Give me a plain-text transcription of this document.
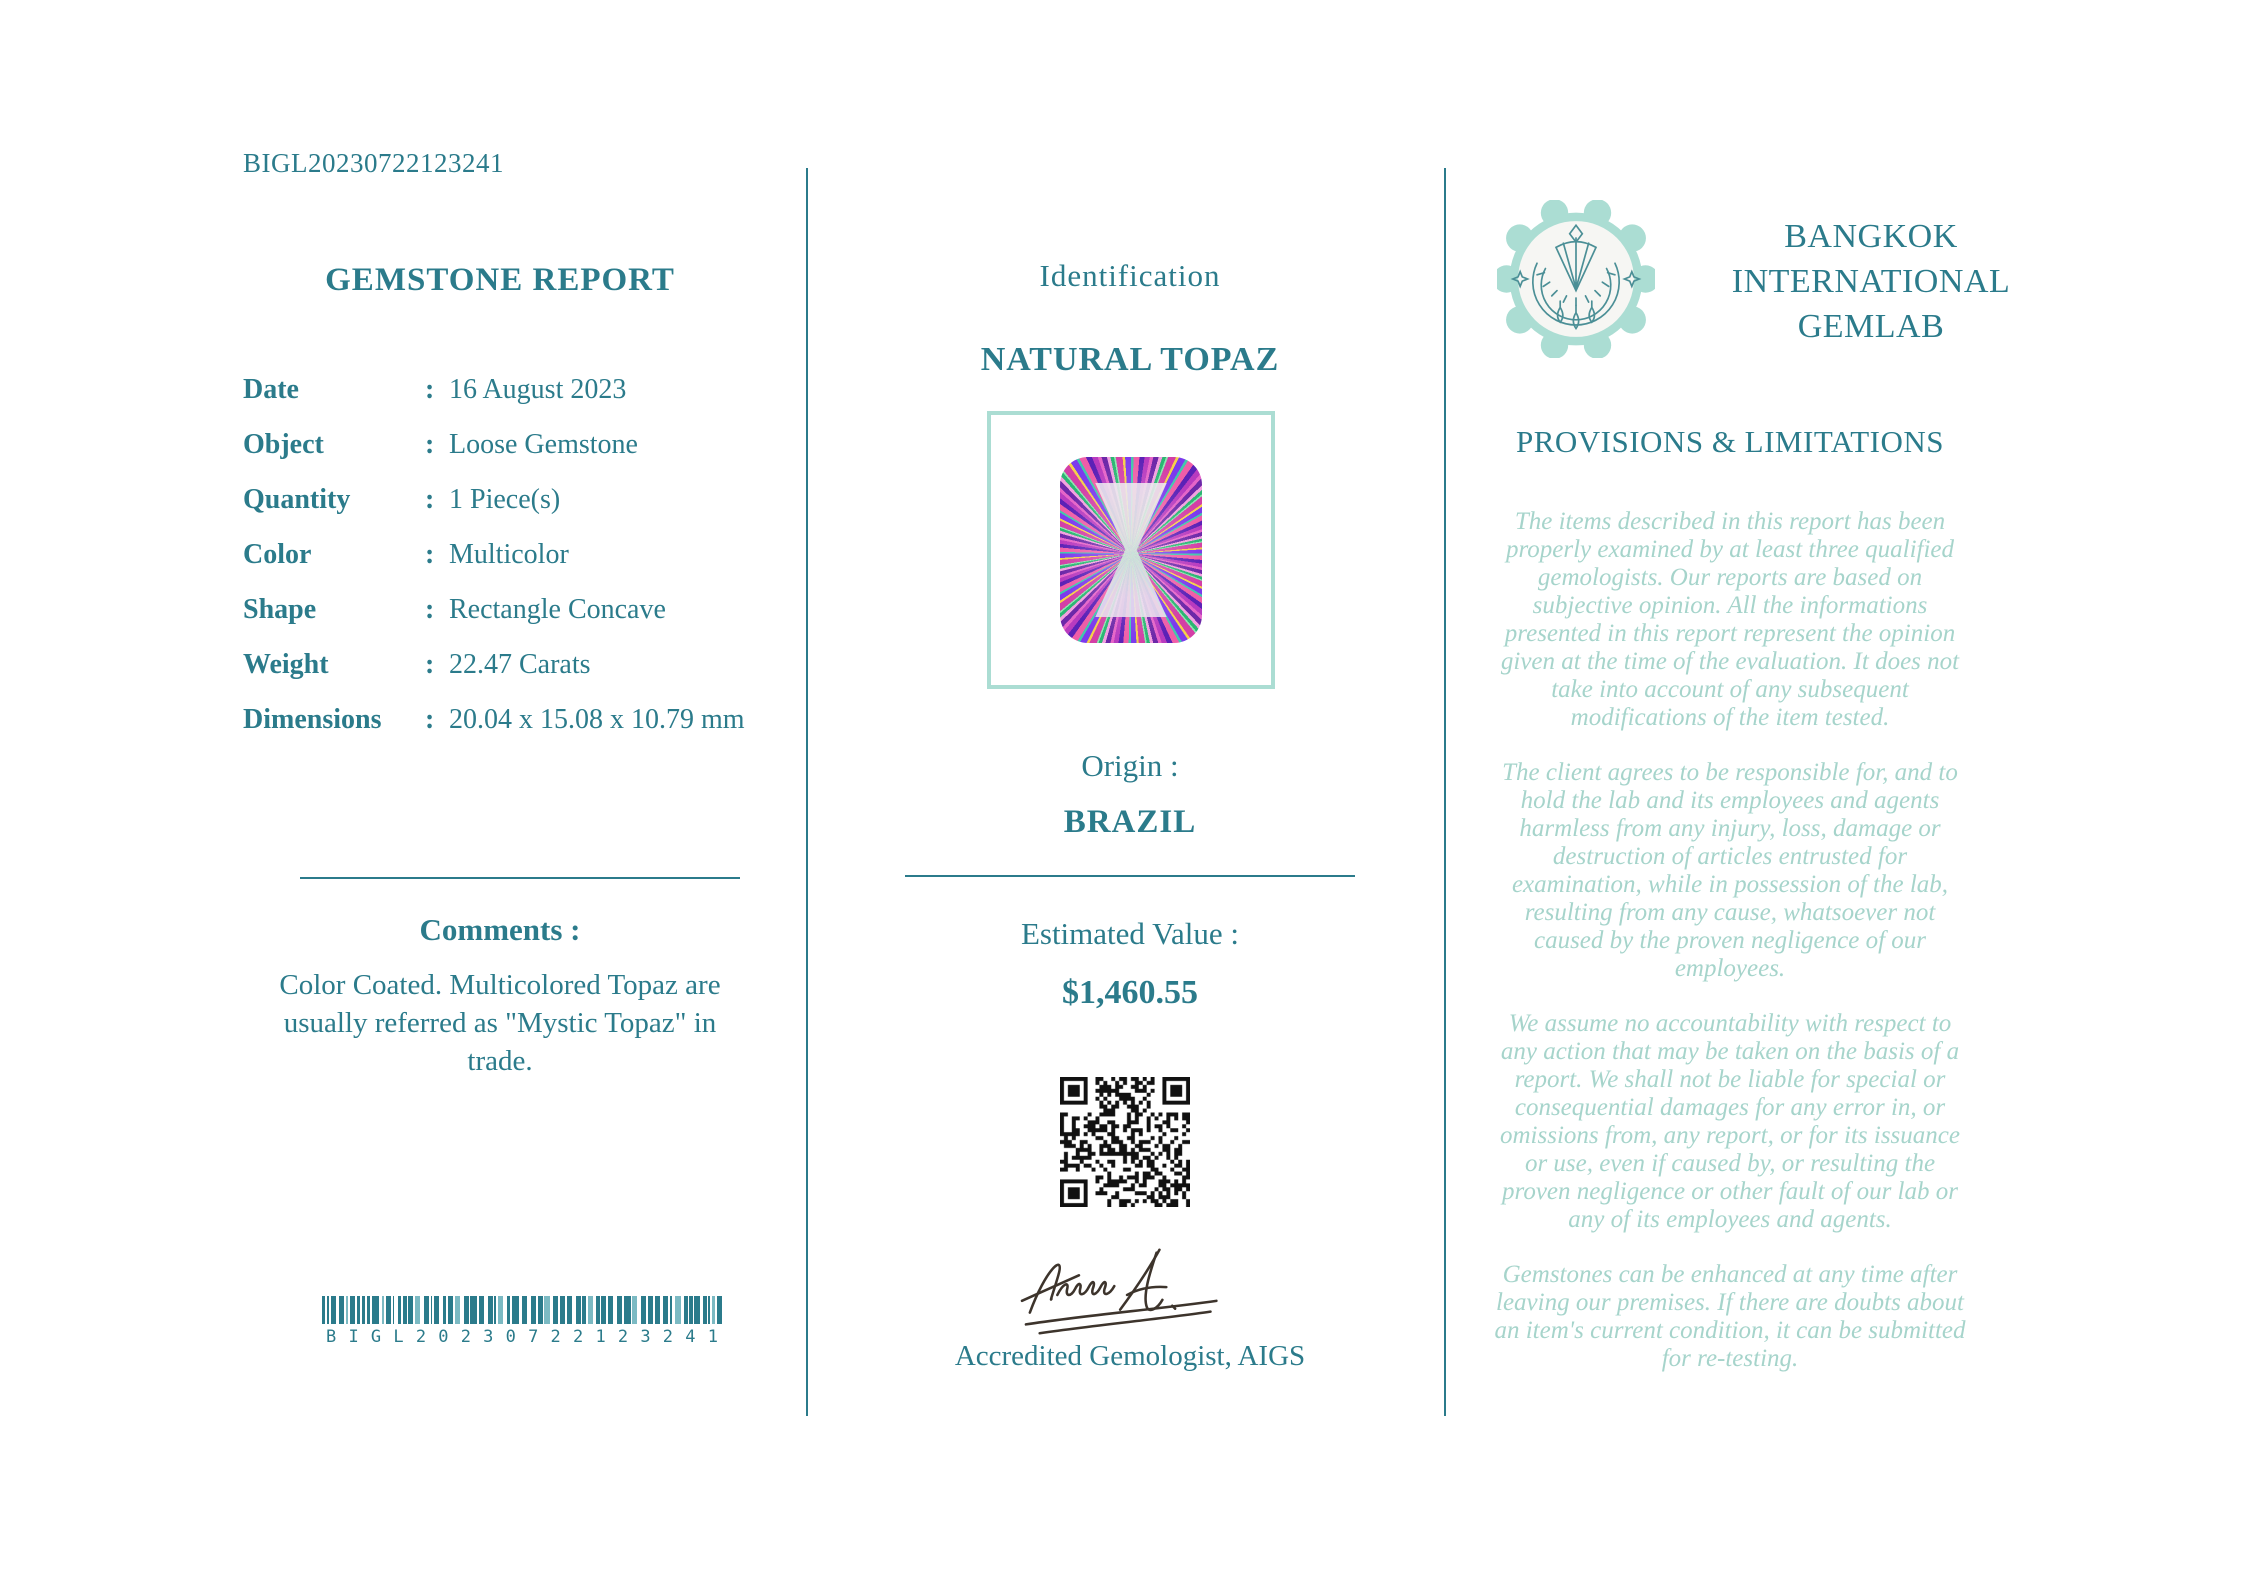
BIGL20230722123241
GEMSTONE REPORT
Date	: 16 August 2023
Object	: Loose Gemstone
Quantity	: 1 Piece(s)
Color	: Multicolor
Shape	: Rectangle Concave
Weight	: 22.47 Carats
Dimensions	: 20.04 x 15.08 x 10.79 mm
Comments :
Color Coated. Multicolored Topaz are usually referred as "Mystic Topaz" in trade.
B I G L 2 0 2 3 0 7 2 2 1 2 3 2 4 1
Identification
NATURAL TOPAZ
Origin :
BRAZIL
Estimated Value :
$1,460.55
Accredited Gemologist, AIGS
BANGKOK
INTERNATIONAL
GEMLAB
PROVISIONS & LIMITATIONS

The items described in this report has been properly examined by at least three qualified gemologists. Our reports are based on subjective opinion. All the informations presented in this report represent the opinion given at the time of the evaluation. It does not take into account of any subsequent modifications of the item tested.

The client agrees to be responsible for, and to hold the lab and its employees and agents harmless from any injury, loss, damage or destruction of articles entrusted for examination, while in possession of the lab, resulting from any cause, whatsoever not caused by the proven negligence of our employees.

We assume no accountability with respect to any action that may be taken on the basis of a report. We shall not be liable for special or consequential damages for any error in, or omissions from, any report, or for its issuance or use, even if caused by, or resulting the proven negligence or other fault of our lab or any of its employees and agents.

Gemstones can be enhanced at any time after leaving our premises. If there are doubts about an item's current condition, it can be submitted for re-testing.
